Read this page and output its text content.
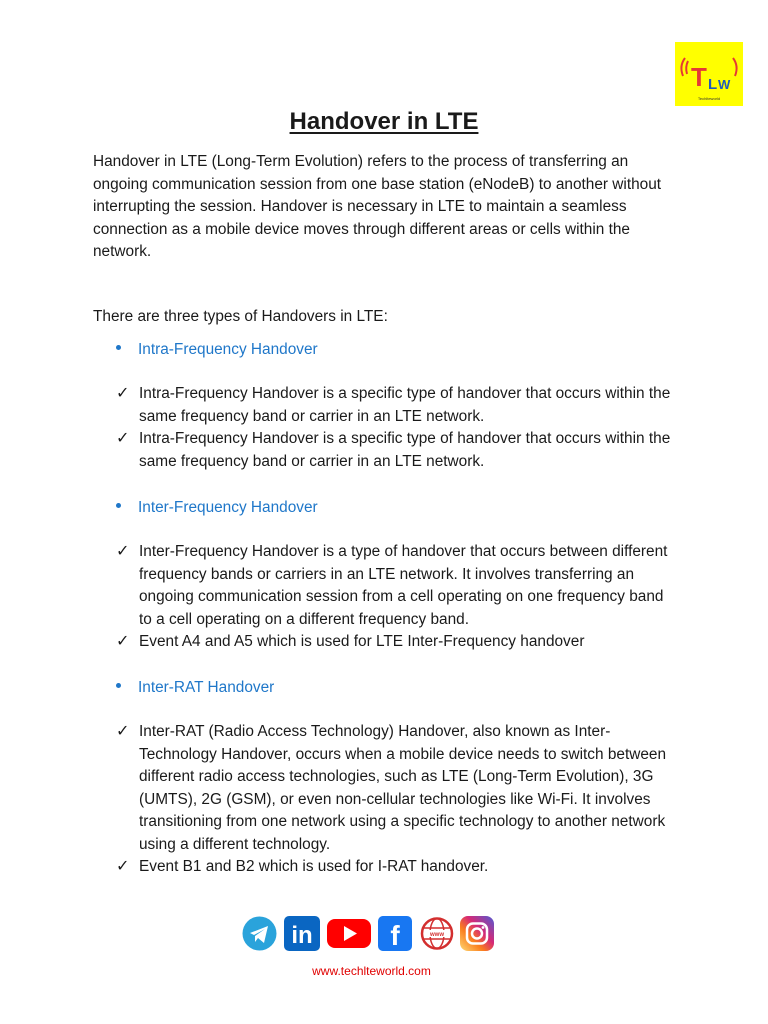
T L W
Techlteworld
Handover in LTE

Handover in LTE (Long-Term Evolution) refers to the process of transferring an ongoing communication session from one base station (eNodeB) to another without interrupting the session. Handover is necessary in LTE to maintain a seamless connection as a mobile device moves through different areas or cells within the network.

There are three types of Handovers in LTE:

Intra-Frequency Handover
✓ Intra-Frequency Handover is a specific type of handover that occurs within the same frequency band or carrier in an LTE network.
✓ Intra-Frequency Handover is a specific type of handover that occurs within the same frequency band or carrier in an LTE network.
Inter-Frequency Handover
✓ Inter-Frequency Handover is a type of handover that occurs between different frequency bands or carriers in an LTE network. It involves transferring an ongoing communication session from a cell operating on one frequency band to a cell operating on a different frequency band.
✓ Event A4 and A5 which is used for LTE Inter-Frequency handover
Inter-RAT Handover
✓ Inter-RAT (Radio Access Technology) Handover, also known as Inter-Technology Handover, occurs when a mobile device needs to switch between different radio access technologies, such as LTE (Long-Term Evolution), 3G (UMTS), 2G (GSM), or even non-cellular technologies like Wi-Fi. It involves transitioning from one network using a specific technology to another network using a different technology.
✓ Event B1 and B2 which is used for I-RAT handover.
in	f	www
www.techlteworld.com
